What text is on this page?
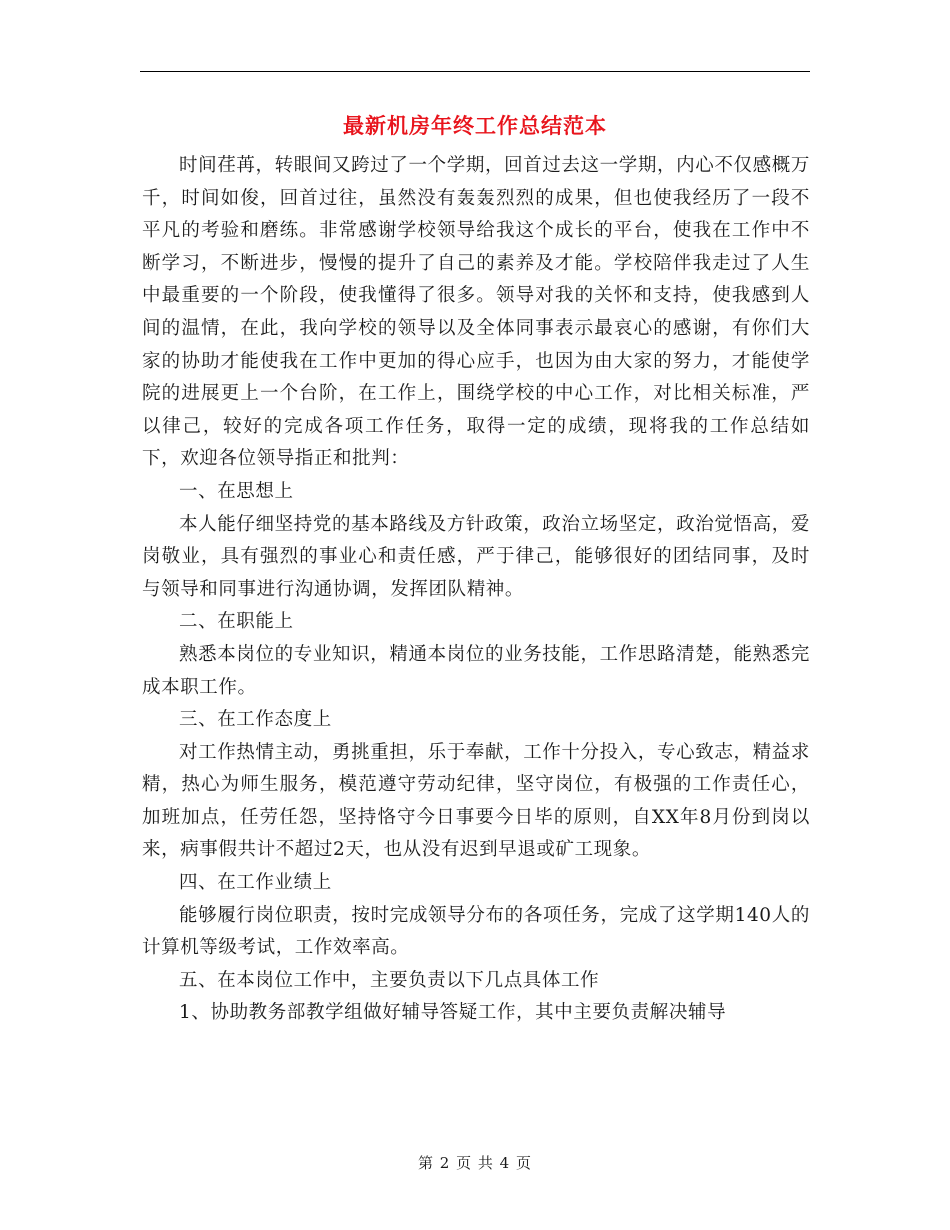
最新机房年终工作总结范本

时间荏苒，转眼间又跨过了一个学期，回首过去这一学期，内心不仅感概万千，时间如俊，回首过往，虽然没有轰轰烈烈的成果，但也使我经历了一段不平凡的考验和磨练。非常感谢学校领导给我这个成长的平台，使我在工作中不断学习，不断进步，慢慢的提升了自己的素养及才能。学校陪伴我走过了人生中最重要的一个阶段，使我懂得了很多。领导对我的关怀和支持，使我感到人间的温情，在此，我向学校的领导以及全体同事表示最哀心的感谢，有你们大家的协助才能使我在工作中更加的得心应手，也因为由大家的努力，才能使学院的进展更上一个台阶，在工作上，围绕学校的中心工作，对比相关标准，严以律己，较好的完成各项工作任务，取得一定的成绩，现将我的工作总结如下，欢迎各位领导指正和批判：

一、在思想上

本人能仔细坚持党的基本路线及方针政策，政治立场坚定，政治觉悟高，爱岗敬业，具有强烈的事业心和责任感，严于律己，能够很好的团结同事，及时与领导和同事进行沟通协调，发挥团队精神。

二、在职能上

熟悉本岗位的专业知识，精通本岗位的业务技能，工作思路清楚，能熟悉完成本职工作。

三、在工作态度上

对工作热情主动，勇挑重担，乐于奉献，工作十分投入，专心致志，精益求精，热心为师生服务，模范遵守劳动纪律，坚守岗位，有极强的工作责任心，加班加点，任劳任怨，坚持恪守今日事要今日毕的原则，自XX年8月份到岗以来，病事假共计不超过2天，也从没有迟到早退或矿工现象。

四、在工作业绩上

能够履行岗位职责，按时完成领导分布的各项任务，完成了这学期140人的计算机等级考试，工作效率高。

五、在本岗位工作中，主要负责以下几点具体工作

1、协助教务部教学组做好辅导答疑工作，其中主要负责解决辅导

第 2 页 共 4 页
